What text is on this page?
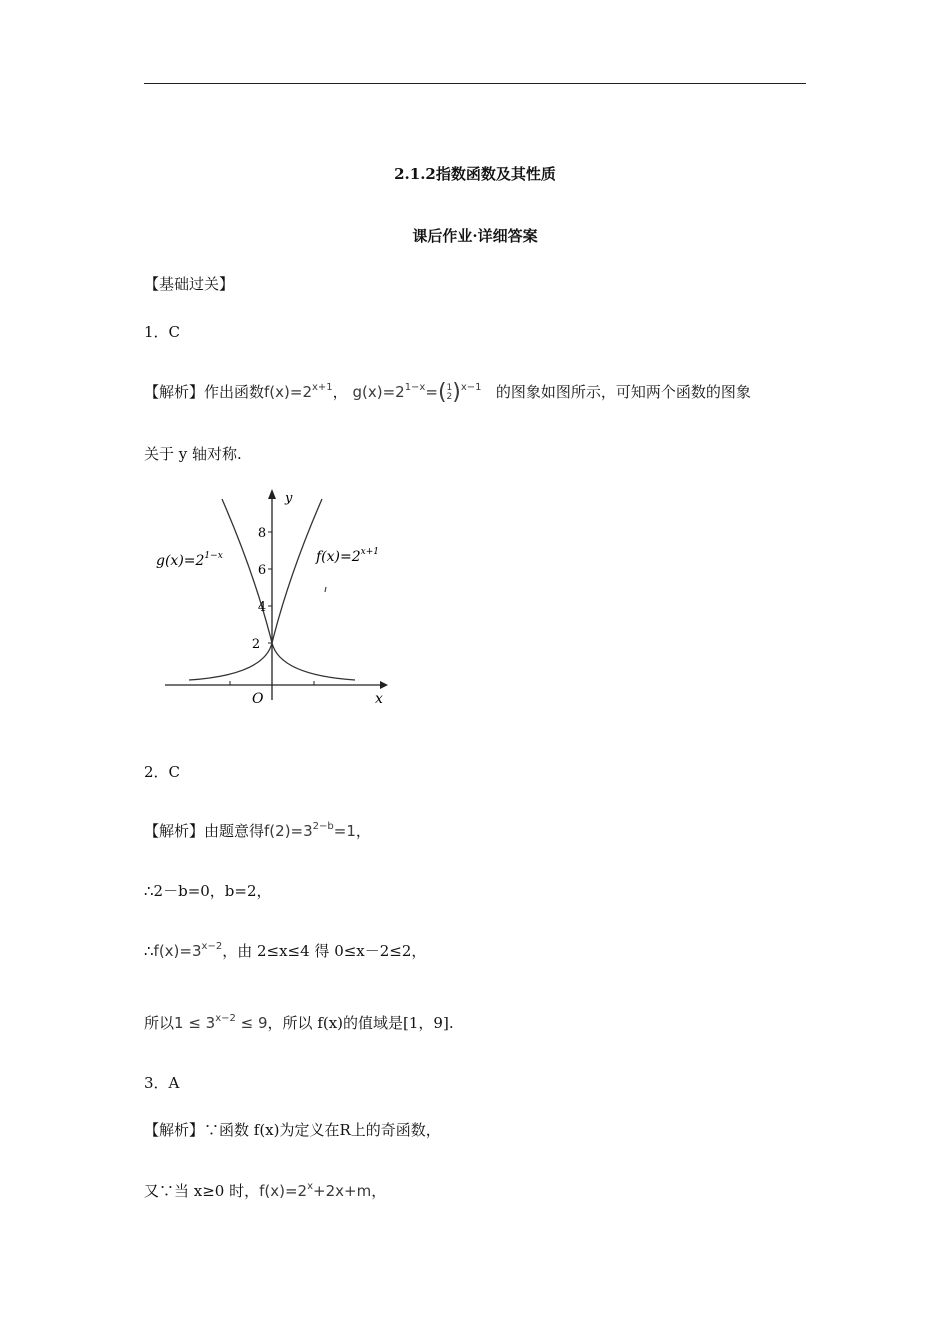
2.1.2指数函数及其性质
课后作业·详细答案
【基础过关】
1．C
【解析】作出函数$f(x)=2^{x+1}$， $g(x)=2^{1-x}=$( 1
2 )$^{x-1}$ 的图象如图所示，可知两个函数的图象
关于 y 轴对称.
2
4
6
8
y
x
O
$g(x)=2^{1-x}$	$f(x)=2^{x+1}$
2．C
【解析】由题意得$f(2)=3^{2-b}=1$，
∴2－b=0，b=2，
$\therefore f(x)=3^{x-2}$，由 2≤x≤4 得 0≤x－2≤2，
所以$1 \le 3^{x-2} \le 9$，所以 f(x)的值域是[1，9].
3．A
【解析】∵函数 f(x)为定义在R上的奇函数，
又∵当 x≥0 时，$f(x)=2^x+2x+m$，
